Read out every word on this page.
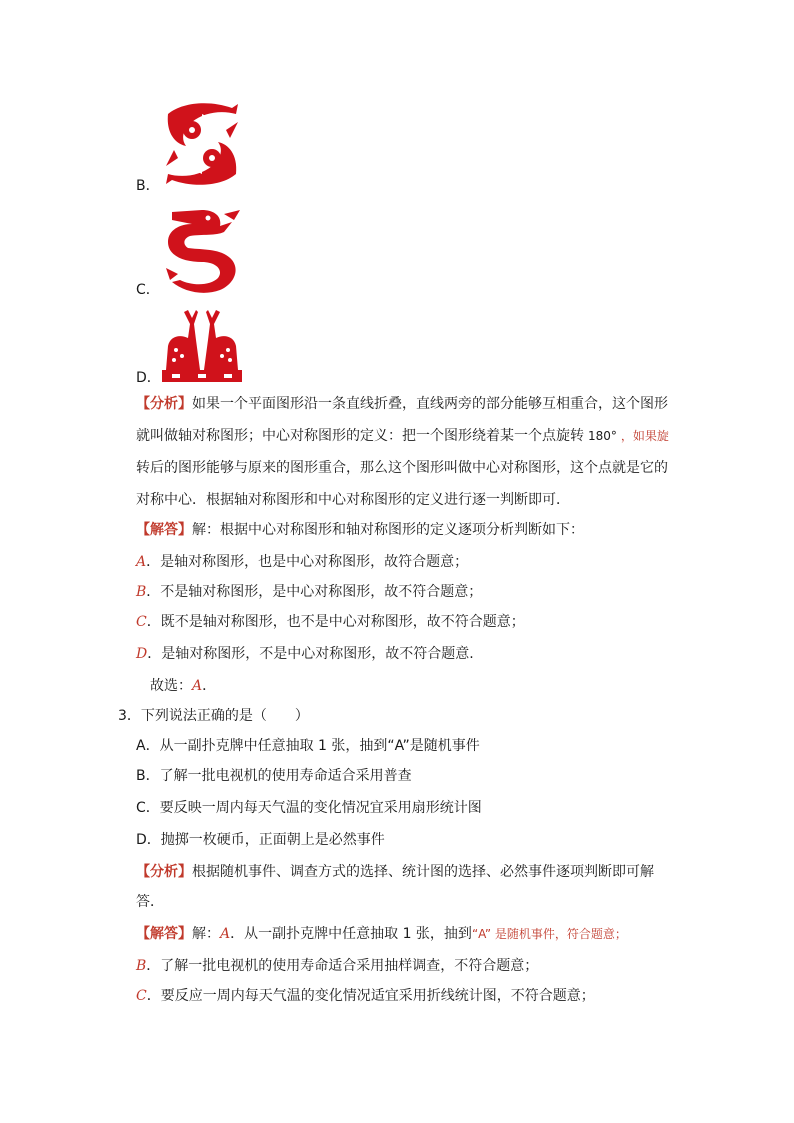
B．
C．
D．
【分析】如果一个平面图形沿一条直线折叠，直线两旁的部分能够互相重合，这个图形
就叫做轴对称图形；中心对称图形的定义：把一个图形绕着某一个点旋转 180° ，如果旋
转后的图形能够与原来的图形重合，那么这个图形叫做中心对称图形，这个点就是它的
对称中心．根据轴对称图形和中心对称图形的定义进行逐一判断即可．
【解答】解：根据中心对称图形和轴对称图形的定义逐项分析判断如下：
A．是轴对称图形，也是中心对称图形，故符合题意；
B．不是轴对称图形，是中心对称图形，故不符合题意；
C．既不是轴对称图形，也不是中心对称图形，故不符合题意；
D．是轴对称图形，不是中心对称图形，故不符合题意.
故选：A．
3．下列说法正确的是（　　）
A．从一副扑克牌中任意抽取 1 张，抽到“A”是随机事件
B．了解一批电视机的使用寿命适合采用普查
C．要反映一周内每天气温的变化情况宜采用扇形统计图
D．抛掷一枚硬币，正面朝上是必然事件
【分析】根据随机事件、调查方式的选择、统计图的选择、必然事件逐项判断即可解
答．
【解答】解：A．从一副扑克牌中任意抽取 1 张，抽到“A” 是随机事件，符合题意；
B．了解一批电视机的使用寿命适合采用抽样调查，不符合题意；
C．要反应一周内每天气温的变化情况适宜采用折线统计图，不符合题意；
